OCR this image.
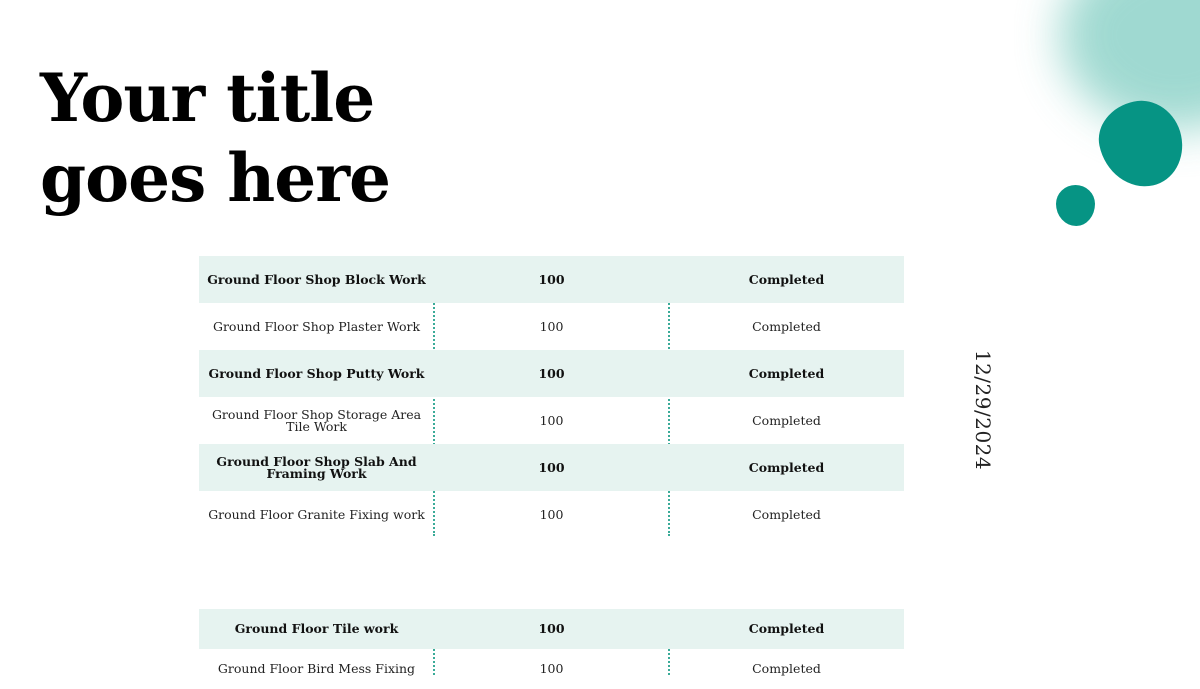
Your title
goes here
12/29/2024
Ground Floor Shop Block Work	100	Completed
Ground Floor Shop Plaster Work	100	Completed
Ground Floor Shop Putty Work	100	Completed
Ground Floor Shop Storage Area Tile Work	100	Completed
Ground Floor Shop Slab And Framing Work	100	Completed
Ground Floor Granite Fixing work	100	Completed
Ground Floor Tile work	100	Completed
Ground Floor Bird Mess Fixing	100	Completed
